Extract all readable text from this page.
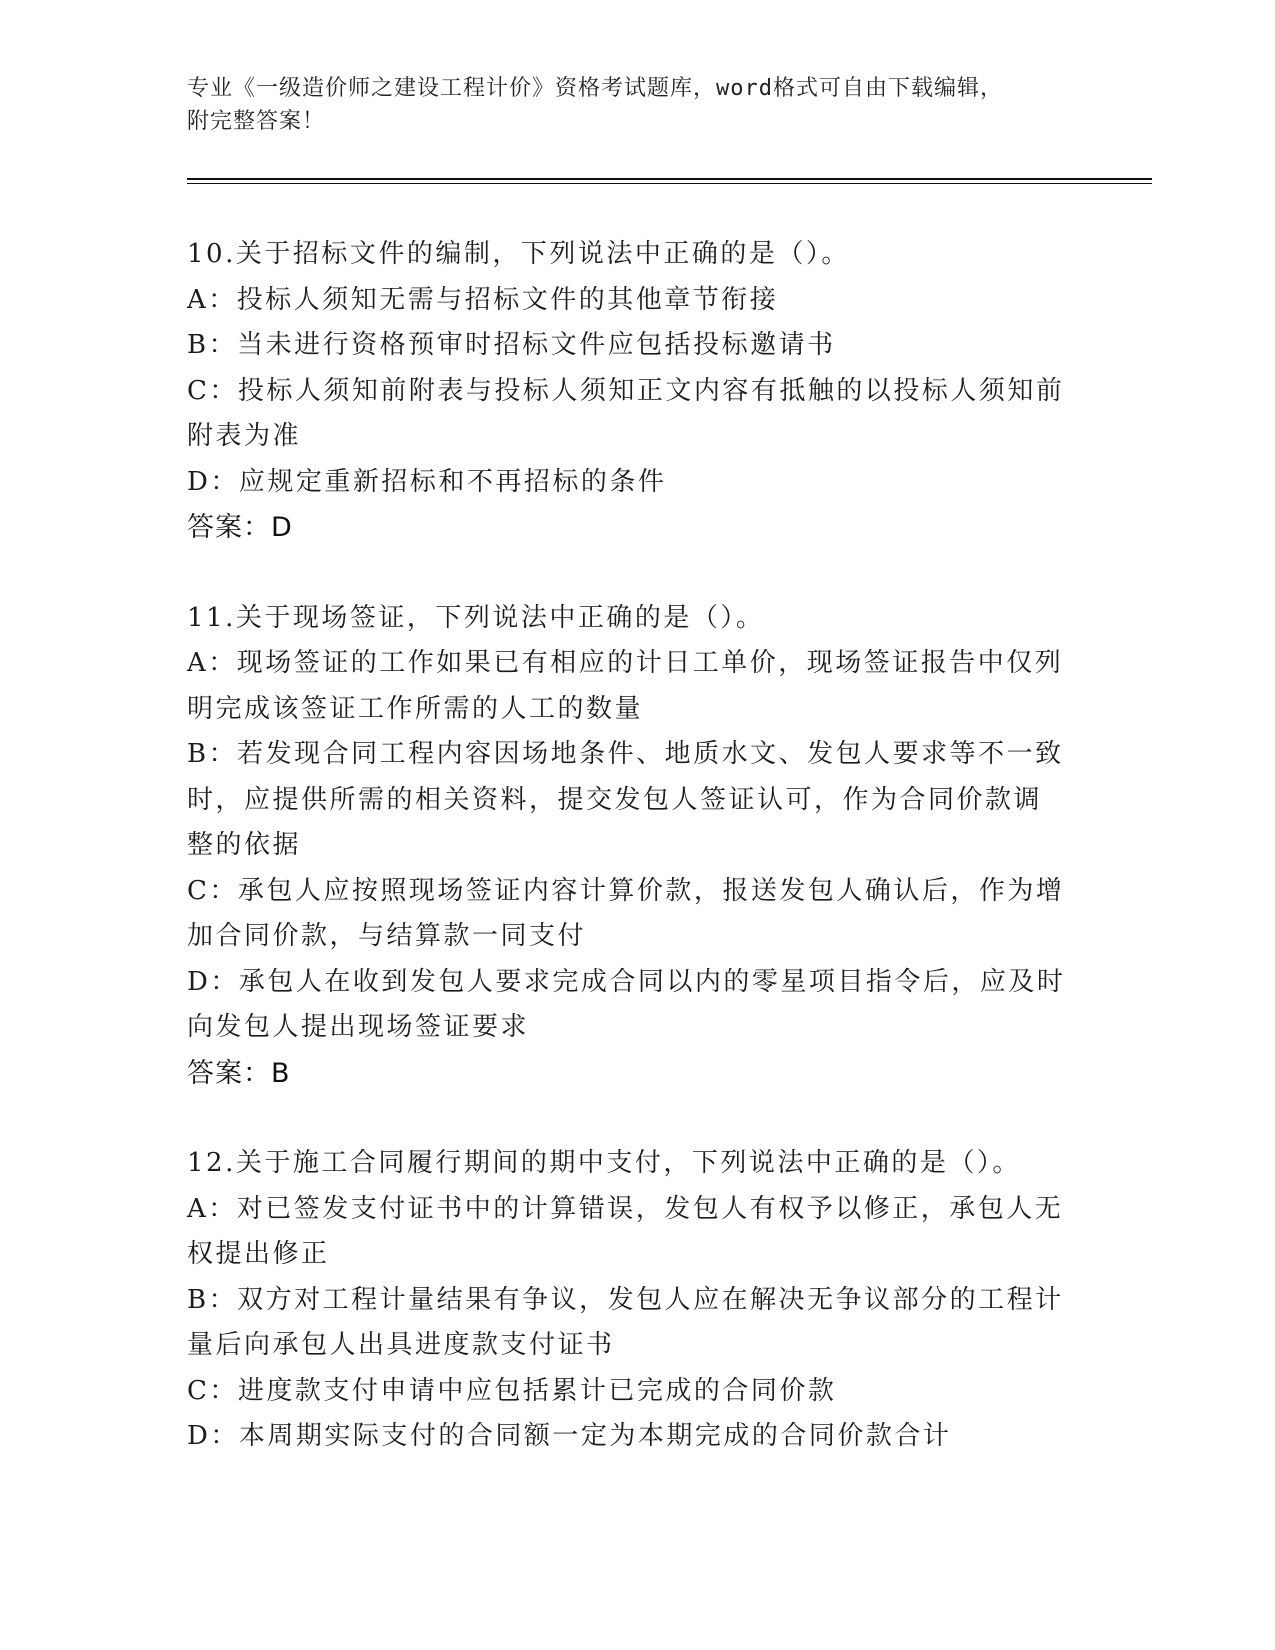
专业《一级造价师之建设工程计价》资格考试题库，word格式可自由下载编辑，
附完整答案！

10.关于招标文件的编制，下列说法中正确的是（）。

A：投标人须知无需与招标文件的其他章节衔接

B：当未进行资格预审时招标文件应包括投标邀请书

C：投标人须知前附表与投标人须知正文内容有抵触的以投标人须知前

附表为准

D：应规定重新招标和不再招标的条件

答案：D

11.关于现场签证，下列说法中正确的是（）。

A：现场签证的工作如果已有相应的计日工单价，现场签证报告中仅列

明完成该签证工作所需的人工的数量

B：若发现合同工程内容因场地条件、地质水文、发包人要求等不一致

时，应提供所需的相关资料，提交发包人签证认可，作为合同价款调

整的依据

C：承包人应按照现场签证内容计算价款，报送发包人确认后，作为增

加合同价款，与结算款一同支付

D：承包人在收到发包人要求完成合同以内的零星项目指令后，应及时

向发包人提出现场签证要求

答案：B

12.关于施工合同履行期间的期中支付，下列说法中正确的是（）。

A：对已签发支付证书中的计算错误，发包人有权予以修正，承包人无

权提出修正

B：双方对工程计量结果有争议，发包人应在解决无争议部分的工程计

量后向承包人出具进度款支付证书

C：进度款支付申请中应包括累计已完成的合同价款

D：本周期实际支付的合同额一定为本期完成的合同价款合计
